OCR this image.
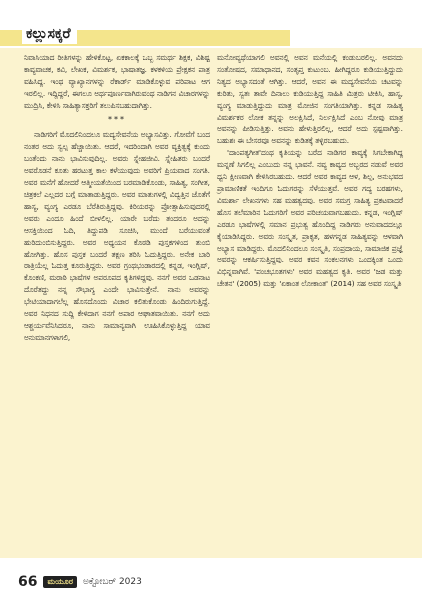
ಕಲ್ಲುಸಕ್ಕರೆ

ನಿವಾಸಿಯಾದ ರೀತಿಗಳನ್ನು ಹೇಳಿಕೊಟ್ಟ, ಏಕಕಾಲಕ್ಕೆ ಒಬ್ಬ ಸಮರ್ಥ ಶಿಕ್ಷಕ, ವಿಶಿಷ್ಟ ಕಾವ್ಯವಾಚಕ, ಕವಿ, ಲೇಖಕ, ವಿಮರ್ಶಕ, ಭಾಷಾತಜ್ಞ. ಕಳಕಳಿಯ ಪ್ರೇಕ್ಷಕನ ಪಾತ್ರ ವಹಿಸಿದ್ದ. ಇಂಥ ವ್ಯಾಖ್ಯಾನಗಳನ್ನು ರೆಕಾರ್ಡ್ ಮಾಡಿಕೊಳ್ಳುವ ಪರಿಪಾಟ ಆಗ ಇರಲಿಲ್ಲ. ಇದ್ದಿದ್ದರೆ, ಈಗಲೂ ಅರ್ಥಪೂರ್ಣವಾಗಿರುವಂಥ ನಾಡಿಗನ ವಿಚಾರಗಳನ್ನು ಮುದ್ರಿಸಿ, ಕೇಳಿಸಿ ಸಾಹಿತ್ಯಾಸಕ್ತರಿಗೆ ತಲುಪಿಸಬಹುದಾಗಿತ್ತು.

***

ನಾಡಿಗರಿಗೆ ಮೊದಲಿನಿಂದಲೂ ಮದ್ಯಸೇವನೆಯ ಅಭ್ಯಾಸವಿತ್ತು. ಗೋವೆಗೆ ಬಂದ ನಂತರ ಅದು ಸ್ವಲ್ಪ ಹೆಚ್ಚಾಯಿತು. ಆದರೆ, ಇದರಿಂದಾಗಿ ಅವರ ವ್ಯಕ್ತಿತ್ವಕ್ಕೆ ಕುಂದು ಬಂತೆಂದು ನಾನು ಭಾವಿಸುವುದಿಲ್ಲ. ಅವರು ಸ್ನೇಹಜೀವಿ. ಸ್ನೇಹಿತರು ಬಂದರೆ ಅವರೊಡನೆ ಕೂತು ಹರಟುತ್ತ ಕಾಲ ಕಳೆಯುವುದು ಅವರಿಗೆ ಪ್ರಿಯವಾದ ಸಂಗತಿ. ಅವರ ಮನೆಗೆ ಹೋದರೆ ಆತ್ಮೀಯತೆಯಿಂದ ಬರಮಾಡಿಕೊಂಡು, ಸಾಹಿತ್ಯ, ಸಂಗೀತ, ಚಿತ್ರಕಲೆ ಎಲ್ಲದರ ಬಗ್ಗೆ ಮಾತಾಡುತ್ತಿದ್ದರು. ಅವರ ಮಾತುಗಳಲ್ಲಿ ವಿದ್ವತ್ತಿನ ಜೊತೆಗೆ ಹಾಸ್ಯ, ವ್ಯಂಗ್ಯ ಎರಡೂ ಬೆರೆತಿರುತ್ತಿದ್ದವು. ಕಿರಿಯರನ್ನು ಪ್ರೋತ್ಸಾಹಿಸುವುದರಲ್ಲಿ ಅವರು ಎಂದೂ ಹಿಂದೆ ಬೀಳಲಿಲ್ಲ. ಯಾರೇ ಬರೆದು ತಂದರೂ ಅದನ್ನು ಆಸಕ್ತಿಯಿಂದ ಓದಿ, ತಿದ್ದುಪಡಿ ಸೂಚಿಸಿ, ಮುಂದೆ ಬರೆಯುವಂತೆ ಹುರಿದುಂಬಿಸುತ್ತಿದ್ದರು. ಅವರ ಅಧ್ಯಯನ ಕೊಠಡಿ ಪುಸ್ತಕಗಳಿಂದ ತುಂಬಿ ಹೋಗಿತ್ತು. ಹೊಸ ಪುಸ್ತಕ ಬಂದರೆ ತಕ್ಷಣ ತರಿಸಿ ಓದುತ್ತಿದ್ದರು. ಅನೇಕ ಬಾರಿ ರಾತ್ರಿಯೆಲ್ಲ ಓದುತ್ತ ಕೂರುತ್ತಿದ್ದರು. ಅವರ ಗ್ರಂಥಭಂಡಾರದಲ್ಲಿ ಕನ್ನಡ, ಇಂಗ್ಲಿಷ್, ಕೊಂಕಣಿ, ಮರಾಠಿ ಭಾಷೆಗಳ ಅಪರೂಪದ ಕೃತಿಗಳಿದ್ದವು. ನನಗೆ ಅವರ ಒಡನಾಟ ದೊರೆತದ್ದು ನನ್ನ ಸೌಭಾಗ್ಯ ಎಂದೇ ಭಾವಿಸುತ್ತೇನೆ. ನಾನು ಅವರನ್ನು ಭೇಟಿಯಾದಾಗಲೆಲ್ಲ ಹೊಸದೊಂದು ವಿಚಾರ ಕಲಿತುಕೊಂಡು ಹಿಂದಿರುಗುತ್ತಿದ್ದೆ. ಅವರ ನಿಧನದ ಸುದ್ದಿ ಕೇಳಿದಾಗ ನನಗೆ ಅಪಾರ ಆಘಾತವಾಯಿತು. ನನಗೆ ಅದು ಆಶ್ಚರ್ಯವೆನಿಸಿದರೂ, ನಾನು ಸಾಮಾನ್ಯವಾಗಿ ಊಹಿಸಿಕೊಳ್ಳುತ್ತಿದ್ದ ಯಾವ ಅನುಮಾನಗಳಾಗಲಿ,

ಮನೋವ್ಯಥೆಯಾಗಲಿ ಅವನಲ್ಲಿ ಅವನ ಮನೆಯಲ್ಲಿ ಕಂಡುಬರಲಿಲ್ಲ. ಅವನದು ಸಂತೋಷದ, ಸಮಾಧಾನದ, ಸಂತೃಪ್ತ ಕುಟುಂಬ. ಹೀಗಿದ್ದರೂ ಕುಡಿಯುತ್ತಿದ್ದುದು ನಿತ್ಯದ ಅಭ್ಯಾಸದಂತೆ ಆಗಿತ್ತು. ಆದರೆ, ಅವನ ಈ ಮದ್ಯಸೇವನೆಯ ಚಟವನ್ನು ಕುರಿತು, ಸ್ವತಃ ತಾವೇ ದಿನಾಲು ಕುಡಿಯುತ್ತಿದ್ದ ಸಾಹಿತಿ ಮಿತ್ರರು ಟೀಕಿಸಿ, ಹಾಸ್ಯ, ವ್ಯಂಗ್ಯ ಮಾಡುತ್ತಿದ್ದುದು ಮಾತ್ರ ಮೋಜಿನ ಸಂಗತಿಯಾಗಿತ್ತು. ಕನ್ನಡ ಸಾಹಿತ್ಯ ವಿಮರ್ಶಕರ ಲೋಕ ತನ್ನನ್ನು ಅಲಕ್ಷಿಸಿದೆ, ನಿರ್ಲಕ್ಷಿಸಿದೆ ಎಂಬ ನೋವು ಮಾತ್ರ ಅವನನ್ನು ಪೀಡಿಸುತ್ತಿತ್ತು. ಅವನು ಹೇಳುತ್ತಿರಲಿಲ್ಲ, ಆದರೆ ಅದು ಸ್ಪಷ್ಟವಾಗಿತ್ತು. ಬಹುಶಃ ಈ ಬೇಸರವೂ ಅವನನ್ನು ಕುಡಿತಕ್ಕೆ ತಳ್ಳಿರಬಹುದು.

'ದಾಂಪತ್ಯಗೀತ'ದಂಥ ಕೃತಿಯನ್ನು ಬರೆದ ನಾಡಿಗರ ಕಾವ್ಯಕ್ಕೆ ಸಿಗಬೇಕಾಗಿದ್ದ ಮನ್ನಣೆ ಸಿಗಲಿಲ್ಲ ಎಂಬುದು ನನ್ನ ಭಾವನೆ. ನವ್ಯ ಕಾವ್ಯದ ಅಬ್ಬರದ ನಡುವೆ ಅವರ ಧ್ವನಿ ಕ್ಷೀಣವಾಗಿ ಕೇಳಿಸಿರಬಹುದು. ಆದರೆ ಅವರ ಕಾವ್ಯದ ಆಳ, ಶಿಲ್ಪ, ಅನುಭವದ ಪ್ರಾಮಾಣಿಕತೆ ಇಂದಿಗೂ ಓದುಗರನ್ನು ಸೆಳೆಯುತ್ತವೆ. ಅವರ ಗದ್ಯ ಬರಹಗಳು, ವಿಮರ್ಶಾ ಲೇಖನಗಳು ಸಹ ಮಹತ್ವದವು. ಅವರ ಸಮಗ್ರ ಸಾಹಿತ್ಯ ಪ್ರಕಟವಾದರೆ ಹೊಸ ತಲೆಮಾರಿನ ಓದುಗರಿಗೆ ಅವರ ಪರಿಚಯವಾಗಬಹುದು. ಕನ್ನಡ, ಇಂಗ್ಲಿಷ್ ಎರಡೂ ಭಾಷೆಗಳಲ್ಲಿ ಸಮಾನ ಪ್ರಭುತ್ವ ಹೊಂದಿದ್ದ ನಾಡಿಗರು ಅನುವಾದದಲ್ಲೂ ಕೈಯಾಡಿಸಿದ್ದರು. ಅವರು ಸಂಸ್ಕೃತ, ಪ್ರಾಕೃತ, ಹಳಗನ್ನಡ ಸಾಹಿತ್ಯವನ್ನು ಆಳವಾಗಿ ಅಭ್ಯಾಸ ಮಾಡಿದ್ದರು. ಮೊದಲಿನಿಂದಲೂ ಸಂಸ್ಕೃತಿ, ಸಂಪ್ರದಾಯ, ಸಾಮಾಜಿಕ ಪ್ರಜ್ಞೆ ಅವರನ್ನು ಆಕರ್ಷಿಸುತ್ತಿದ್ದವು. ಅವರ ಕವನ ಸಂಕಲನಗಳು ಒಂದಕ್ಕಿಂತ ಒಂದು ವಿಭಿನ್ನವಾಗಿವೆ. 'ಪಂಚಭೂತಗಳು' ಅವರ ಮಹತ್ವದ ಕೃತಿ. ಅವರ 'ಜಡ ಮತ್ತು ಚೇತನ' (2005) ಮತ್ತು 'ಏಕಾಂತ ಲೋಕಾಂತ' (2014) ಸಹ ಅವರ ಸಂಸ್ಕೃತಿ

66	ಮಯೂರ	ಅಕ್ಟೋಬರ್ 2023
